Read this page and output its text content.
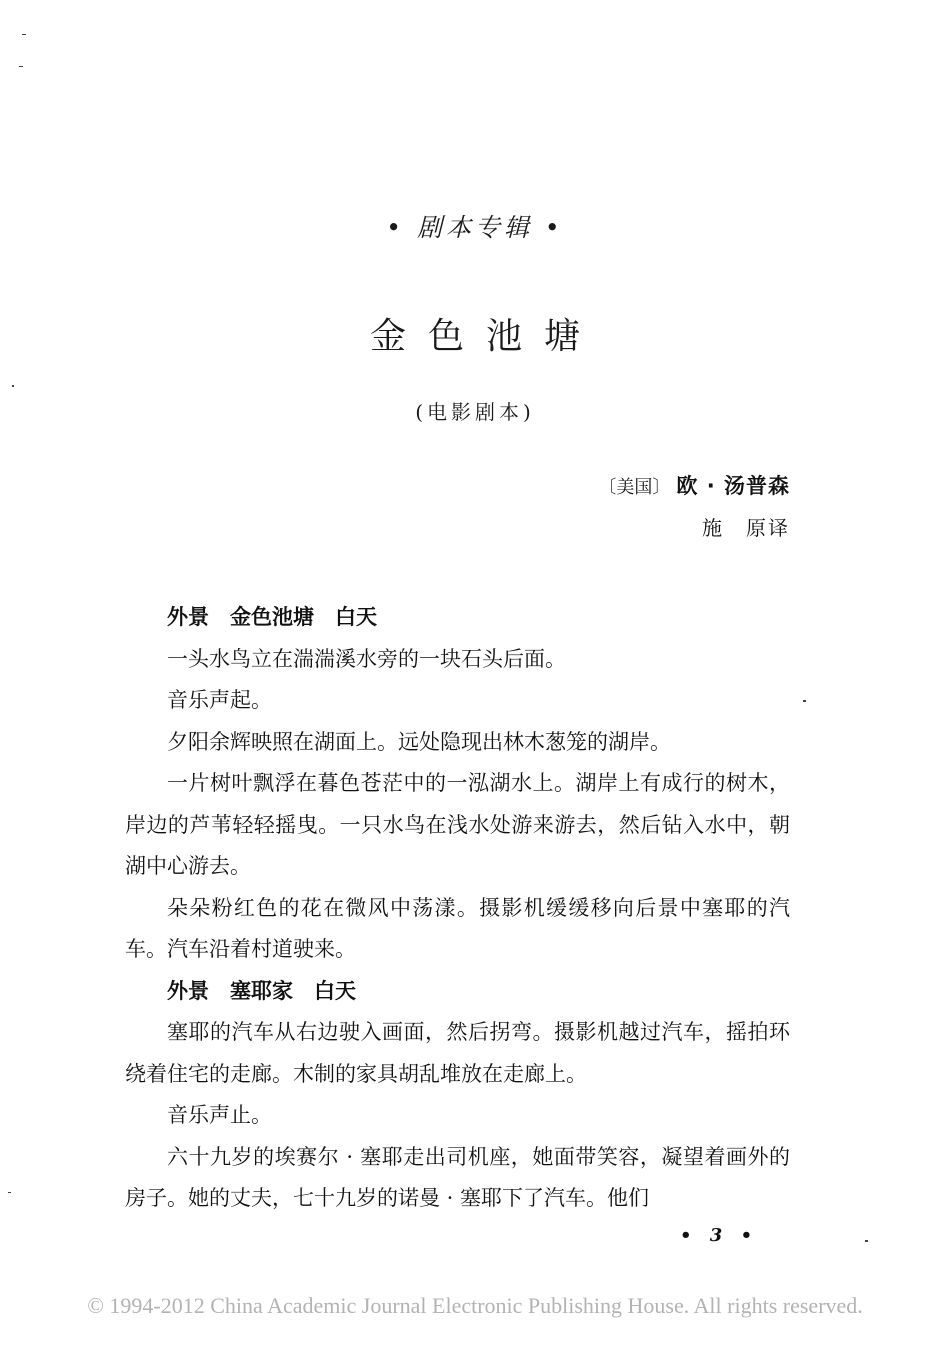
• 剧本专辑 •
金色池塘
(电影剧本)
〔美国〕 欧 · 汤普森
施　原译

外景　金色池塘　白天

一头水鸟立在湍湍溪水旁的一块石头后面。

音乐声起。

夕阳余辉映照在湖面上。远处隐现出林木葱笼的湖岸。

一片树叶飘浮在暮色苍茫中的一泓湖水上。湖岸上有成行的树木，岸边的芦苇轻轻摇曳。一只水鸟在浅水处游来游去，然后钻入水中，朝湖中心游去。

朵朵粉红色的花在微风中荡漾。摄影机缓缓移向后景中塞耶的汽车。汽车沿着村道驶来。

外景　塞耶家　白天

塞耶的汽车从右边驶入画面，然后拐弯。摄影机越过汽车，摇拍环绕着住宅的走廊。木制的家具胡乱堆放在走廊上。

音乐声止。

六十九岁的埃赛尔 · 塞耶走出司机座，她面带笑容，凝望着画外的房子。她的丈夫，七十九岁的诺曼 · 塞耶下了汽车。他们

• 3 •
© 1994-2012 China Academic Journal Electronic Publishing House. All rights reserved.
